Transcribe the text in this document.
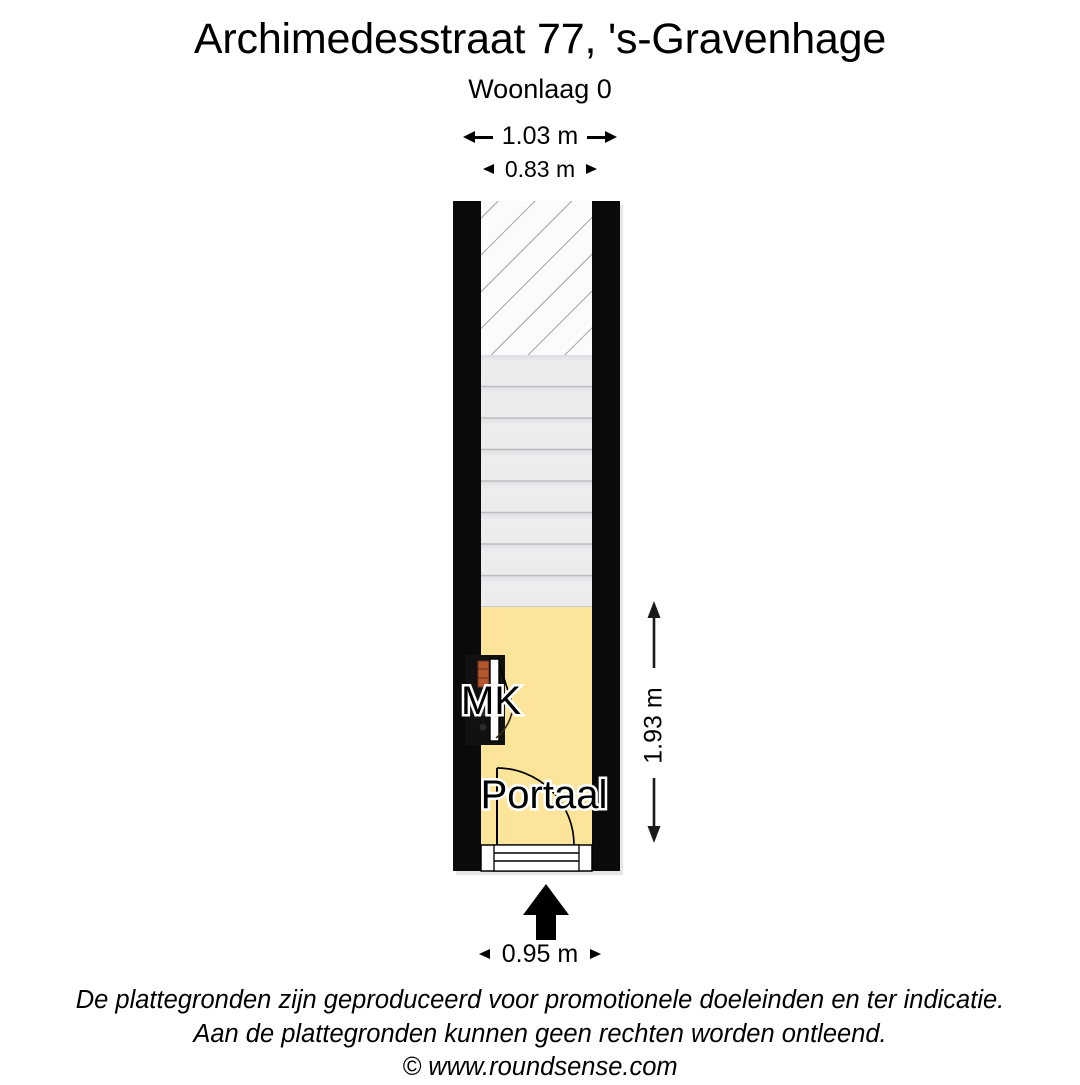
Archimedesstraat 77, 's-Gravenhage
Woonlaag 0
1.03 m
0.83 m
MK
Portaal
1.93 m
0.95 m
De plattegronden zijn geproduceerd voor promotionele doeleinden en ter indicatie.
Aan de plattegronden kunnen geen rechten worden ontleend.
© www.roundsense.com
